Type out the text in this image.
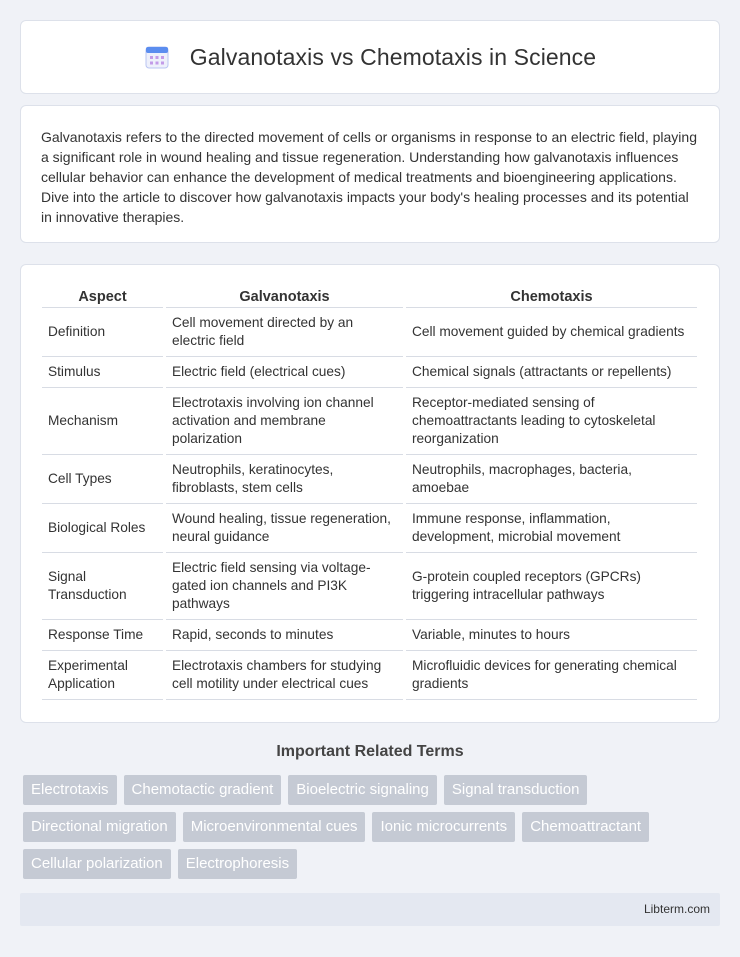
Galvanotaxis vs Chemotaxis in Science

Galvanotaxis refers to the directed movement of cells or organisms in response to an electric field, playing a significant role in wound healing and tissue regeneration. Understanding how galvanotaxis influences cellular behavior can enhance the development of medical treatments and bioengineering applications. Dive into the article to discover how galvanotaxis impacts your body's healing processes and its potential in innovative therapies.

Aspect	Galvanotaxis	Chemotaxis
Definition	Cell movement directed by an electric field	Cell movement guided by chemical gradients
Stimulus	Electric field (electrical cues)	Chemical signals (attractants or repellents)
Mechanism	Electrotaxis involving ion channel activation and membrane polarization	Receptor-mediated sensing of chemoattractants leading to cytoskeletal reorganization
Cell Types	Neutrophils, keratinocytes, fibroblasts, stem cells	Neutrophils, macrophages, bacteria, amoebae
Biological Roles	Wound healing, tissue regeneration, neural guidance	Immune response, inflammation, development, microbial movement
Signal Transduction	Electric field sensing via voltage-gated ion channels and PI3K pathways	G-protein coupled receptors (GPCRs) triggering intracellular pathways
Response Time	Rapid, seconds to minutes	Variable, minutes to hours
Experimental Application	Electrotaxis chambers for studying cell motility under electrical cues	Microfluidic devices for generating chemical gradients
Important Related Terms
Electrotaxis	Chemotactic gradient	Bioelectric signaling	Signal transduction
Directional migration	Microenvironmental cues	Ionic microcurrents	Chemoattractant
Cellular polarization	Electrophoresis
Libterm.com
